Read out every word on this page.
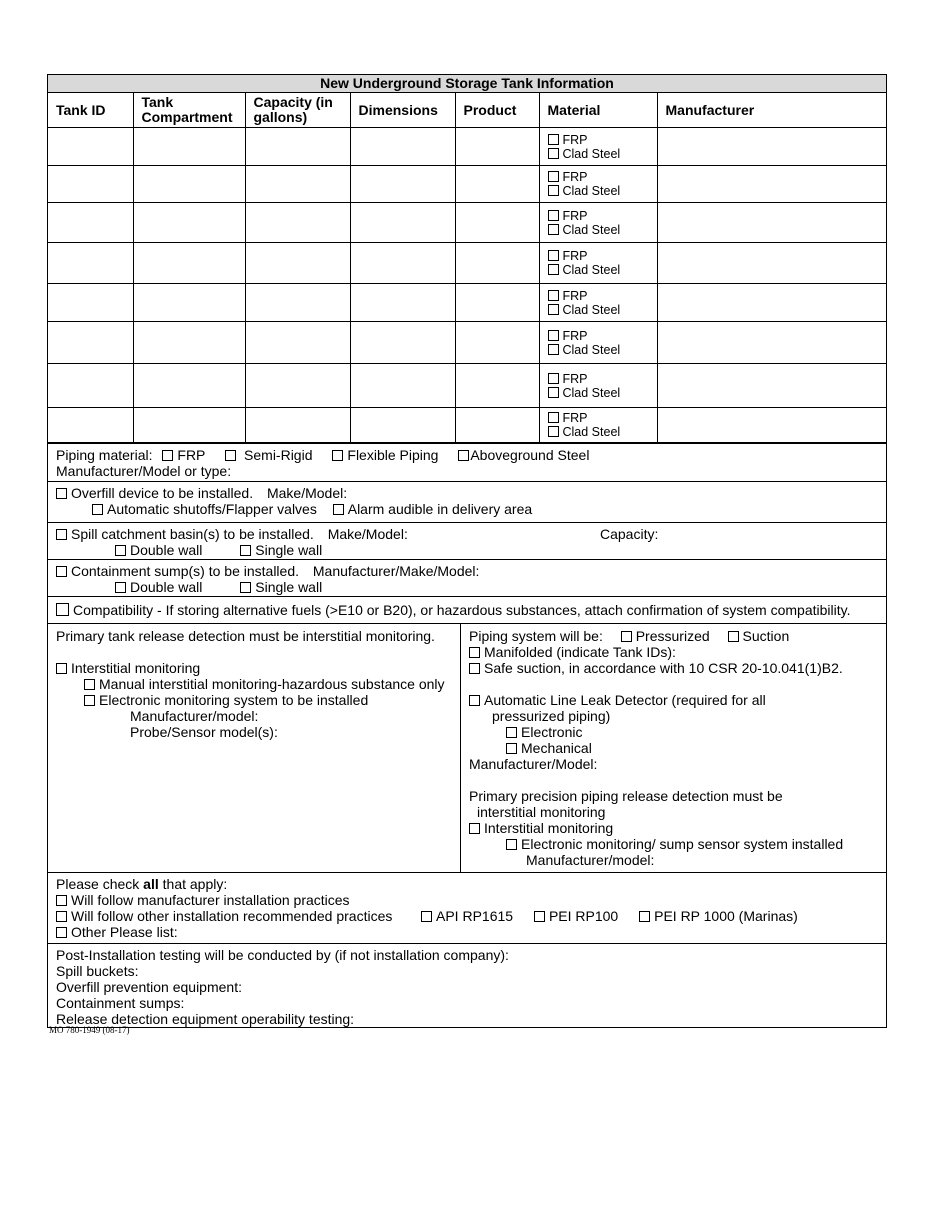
New Underground Storage Tank Information
Tank ID	Tank Compartment	Capacity (in gallons)	Dimensions	Product	Material	Manufacturer

					FRP
Clad Steel	

					FRP
Clad Steel	

					FRP
Clad Steel	

					FRP
Clad Steel	

					FRP
Clad Steel	

					FRP
Clad Steel	

					FRP
Clad Steel	

					FRP
Clad Steel	

Piping material: FRP	Semi-Rigid Flexible Piping Aboveground Steel
Manufacturer/Model or type:
Overfill device to be installed. Make/Model:
Automatic shutoffs/Flapper valves Alarm audible in delivery area
Spill catchment basin(s) to be installed. Make/Model:	Capacity:
Double wall	Single wall
Containment sump(s) to be installed. Manufacturer/Make/Model:
Double wall	Single wall
Compatibility - If storing alternative fuels (>E10 or B20), or hazardous substances, attach confirmation of system compatibility.
Primary tank release detection must be interstitial monitoring.
Interstitial monitoring
Manual interstitial monitoring-hazardous substance only
Electronic monitoring system to be installed
Manufacturer/model:
Probe/Sensor model(s):
Piping system will be: Pressurized Suction
Manifolded (indicate Tank IDs):
Safe suction, in accordance with 10 CSR 20-10.041(1)B2.
Automatic Line Leak Detector (required for all
pressurized piping)
Electronic
Mechanical
Manufacturer/Model:
Primary precision piping release detection must be
interstitial monitoring
Interstitial monitoring
Electronic monitoring/ sump sensor system installed
Manufacturer/model:
Please check all that apply:
Will follow manufacturer installation practices
Will follow other installation recommended practices	API RP1615	PEI RP100	PEI RP 1000 (Marinas)
Other Please list:
Post-Installation testing will be conducted by (if not installation company):
Spill buckets:
Overfill prevention equipment:
Containment sumps:
Release detection equipment operability testing:
MO 780-1949 (08-17)
